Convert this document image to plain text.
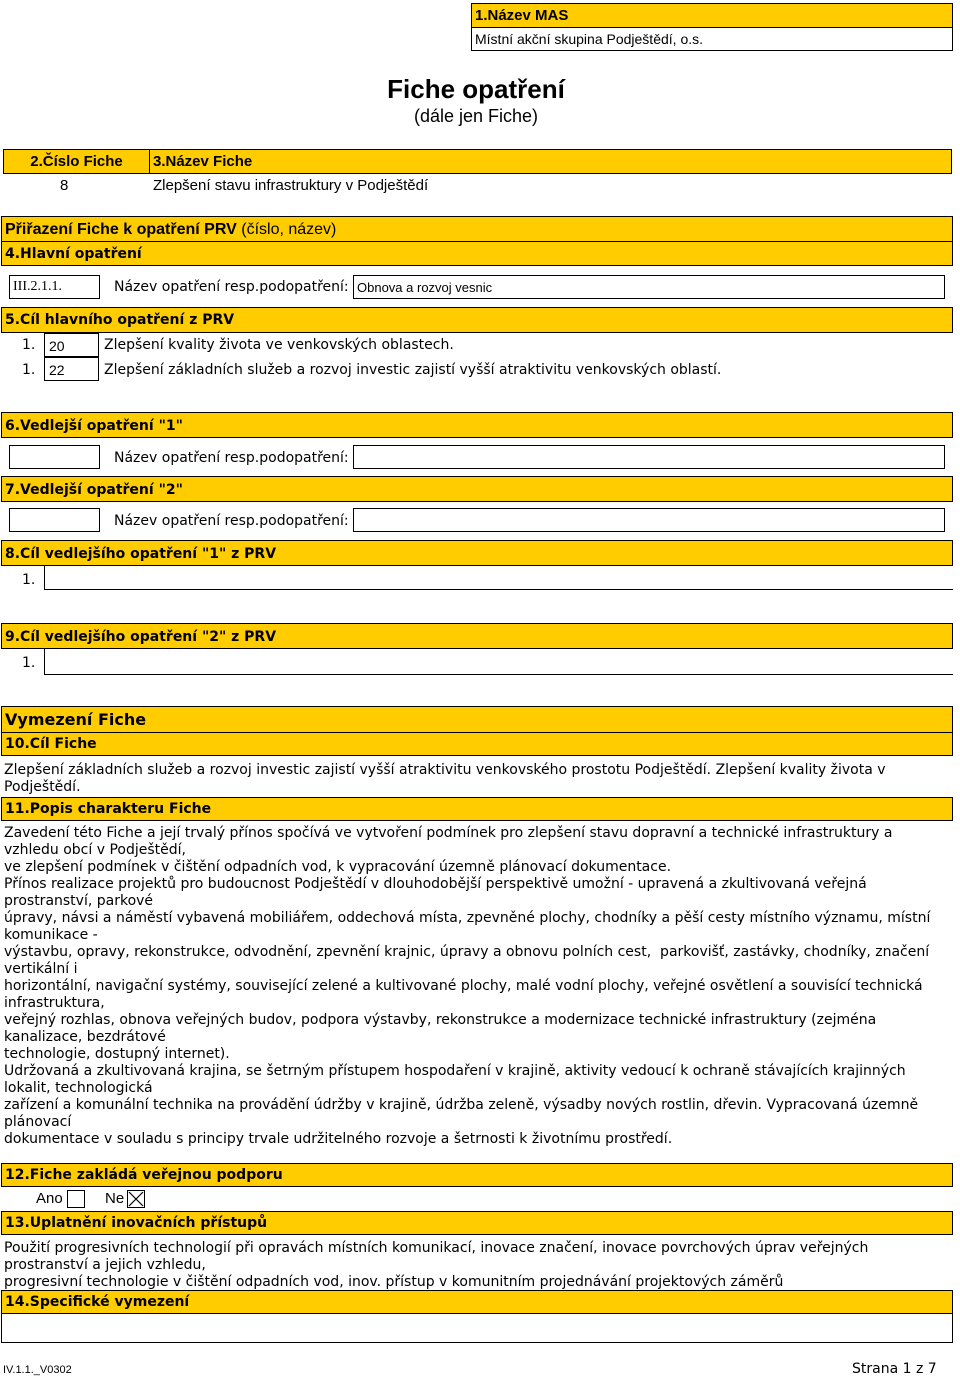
1.Název MAS
Místní akční skupina Podještědí, o.s.
Fiche opatření
(dále jen Fiche)
2.Číslo Fiche	3.Název Fiche
8	Zlepšení stavu infrastruktury v Podještědí
Přiřazení Fiche k opatření PRV (číslo, název)
4.Hlavní opatření
III.2.1.1.	Název opatření resp.podopatření: Obnova a rozvoj vesnic
5.Cíl hlavního opatření z PRV
1. 20	Zlepšení kvality života ve venkovských oblastech.
1. 22	Zlepšení základních služeb a rozvoj investic zajistí vyšší atraktivitu venkovských oblastí.
6.Vedlejší opatření "1"
Název opatření resp.podopatření:
7.Vedlejší opatření "2"
Název opatření resp.podopatření:
8.Cíl vedlejšího opatření "1" z PRV
1.
9.Cíl vedlejšího opatření "2" z PRV
1.
Vymezení Fiche
10.Cíl Fiche
Zlepšení základních služeb a rozvoj investic zajistí vyšší atraktivitu venkovského prostotu Podještědí. Zlepšení kvality života v
Podještědí.
11.Popis charakteru Fiche
Zavedení této Fiche a její trvalý přínos spočívá ve vytvoření podmínek pro zlepšení stavu dopravní a technické infrastruktury a
vzhledu obcí v Podještědí,
ve zlepšení podmínek v čištění odpadních vod, k vypracování územně plánovací dokumentace.
Přínos realizace projektů pro budoucnost Podještědí v dlouhodobější perspektivě umožní - upravená a zkultivovaná veřejná
prostranství, parkové
úpravy, návsi a náměstí vybavená mobiliářem, oddechová místa, zpevněné plochy, chodníky a pěší cesty místního významu, místní
komunikace -
výstavbu, opravy, rekonstrukce, odvodnění, zpevnění krajnic, úpravy a obnovu polních cest,  parkovišť, zastávky, chodníky, značení
vertikální i
horizontální, navigační systémy, související zelené a kultivované plochy, malé vodní plochy, veřejné osvětlení a souvisící technická
infrastruktura,
veřejný rozhlas, obnova veřejných budov, podpora výstavby, rekonstrukce a modernizace technické infrastruktury (zejména
kanalizace, bezdrátové
technologie, dostupný internet).
Udržovaná a zkultivovaná krajina, se šetrným přístupem hospodaření v krajině, aktivity vedoucí k ochraně stávajících krajinných
lokalit, technologická
zařízení a komunální technika na provádění údržby v krajině, údržba zeleně, výsadby nových rostlin, dřevin. Vypracovaná územně
plánovací
dokumentace v souladu s principy trvale udržitelného rozvoje a šetrnosti k životnímu prostředí.
12.Fiche zakládá veřejnou podporu
Ano	Ne
13.Uplatnění inovačních přístupů
Použití progresivních technologií při opravách místních komunikací, inovace značení, inovace povrchových úprav veřejných
prostranství a jejich vzhledu,
progresivní technologie v čištění odpadních vod, inov. přístup v komunitním projednávání projektových záměrů
14.Specifické vymezení
IV.1.1._V0302	Strana 1 z 7
